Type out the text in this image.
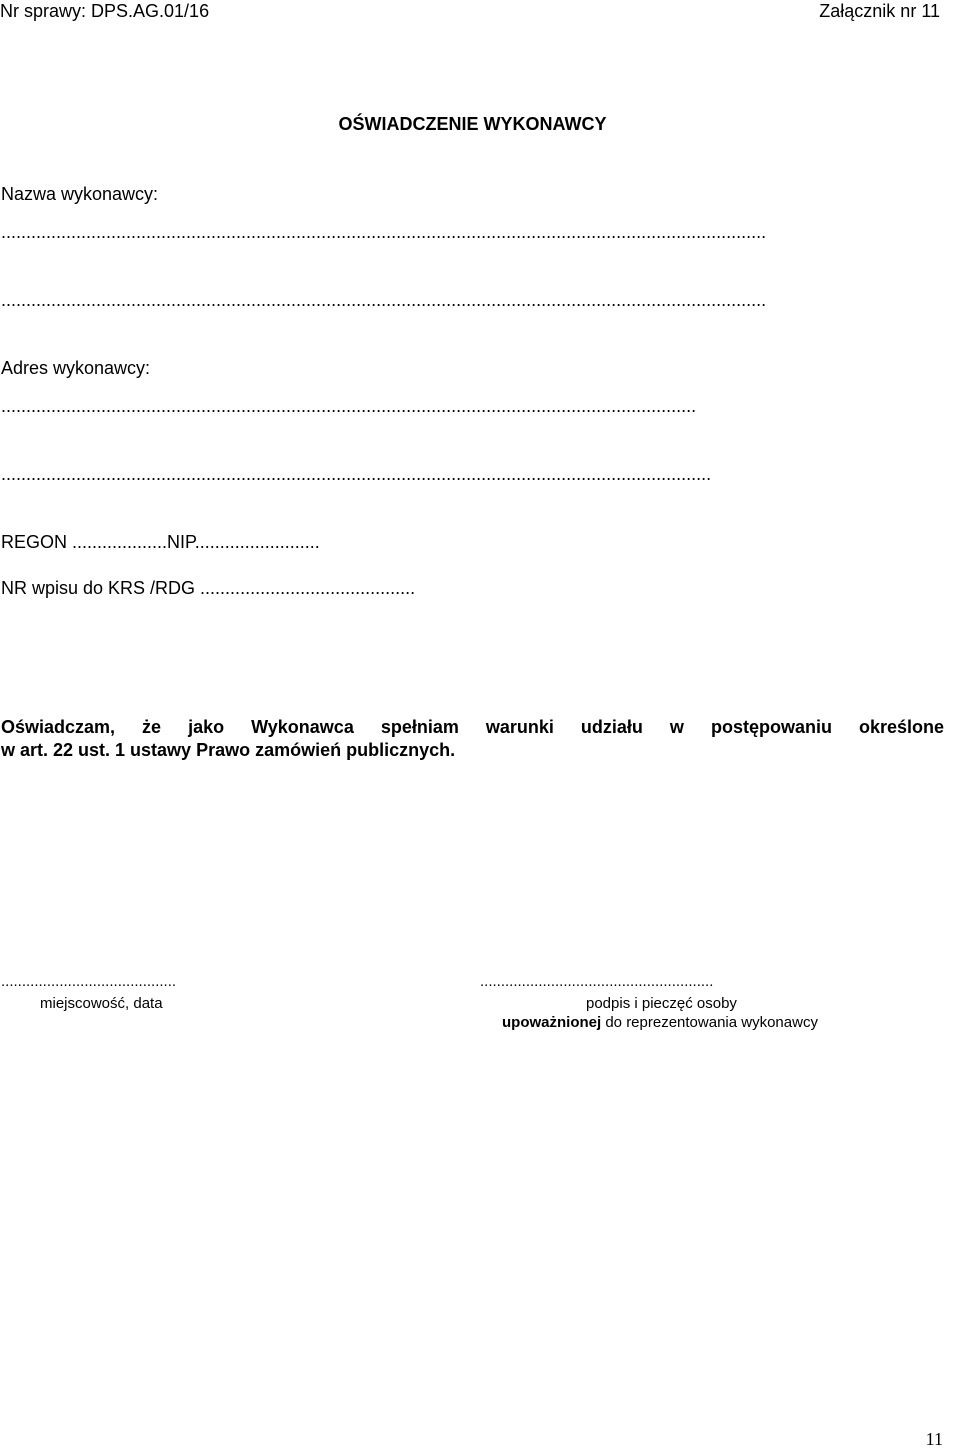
Nr sprawy: DPS.AG.01/16	Załącznik nr 11
OŚWIADCZENIE WYKONAWCY
Nazwa wykonawcy:
.........................................................................................................................................................
.........................................................................................................................................................
Adres wykonawcy:
...........................................................................................................................................
..............................................................................................................................................
REGON ...................NIP.........................
NR wpisu do KRS /RDG ...........................................
Oświadczam, że jako Wykonawca spełniam warunki udziału w postępowaniu określone
w art. 22 ust. 1 ustawy Prawo zamówień publicznych.
..........................................
miejscowość, data
........................................................
podpis i pieczęć osoby
upoważnionej do reprezentowania wykonawcy
11
